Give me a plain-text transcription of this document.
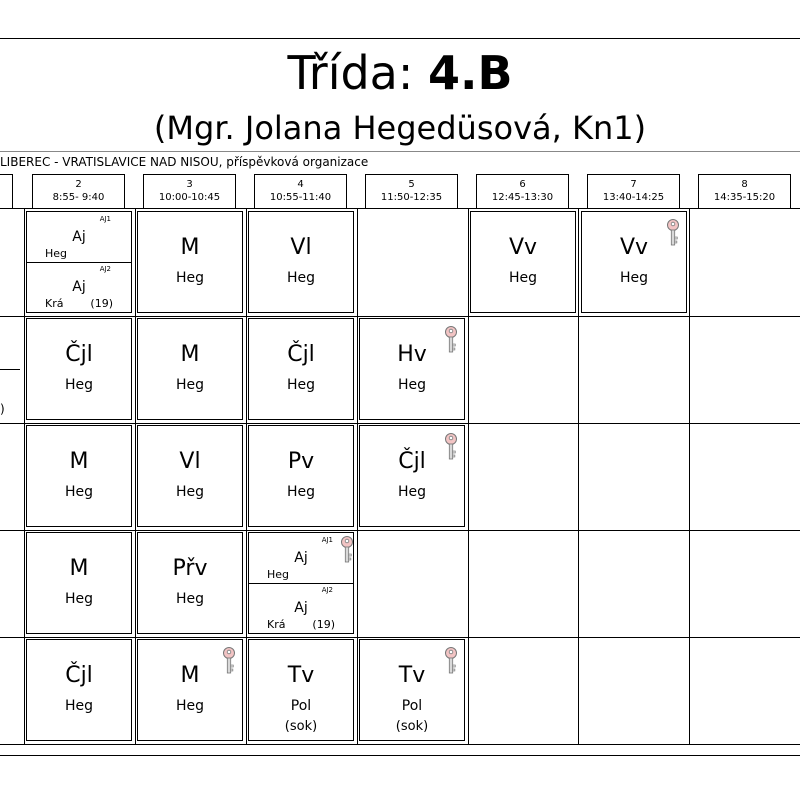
Třída: 4.B
(Mgr. Jolana Hegedüsová, Kn1)
LIBEREC - VRATISLAVICE NAD NISOU, příspěvková organizace
2
8:55- 9:40
3
10:00-10:45
4
10:55-11:40
5
11:50-12:35
6
12:45-13:30
7
13:40-14:25
8
14:35-15:20
)
AJ1
Aj
Heg
AJ2
Aj
Krá (19)
M
Heg
Vl
Heg
Vv
Heg
Vv
Heg
Čjl
Heg
M
Heg
Čjl
Heg
Hv
Heg
M
Heg
Vl
Heg
Pv
Heg
Čjl
Heg
M
Heg
Přv
Heg
AJ1
Aj
Heg
AJ2
Aj
Krá (19)
Čjl
Heg
M
Heg
Tv
Pol
(sok)
Tv
Pol
(sok)
